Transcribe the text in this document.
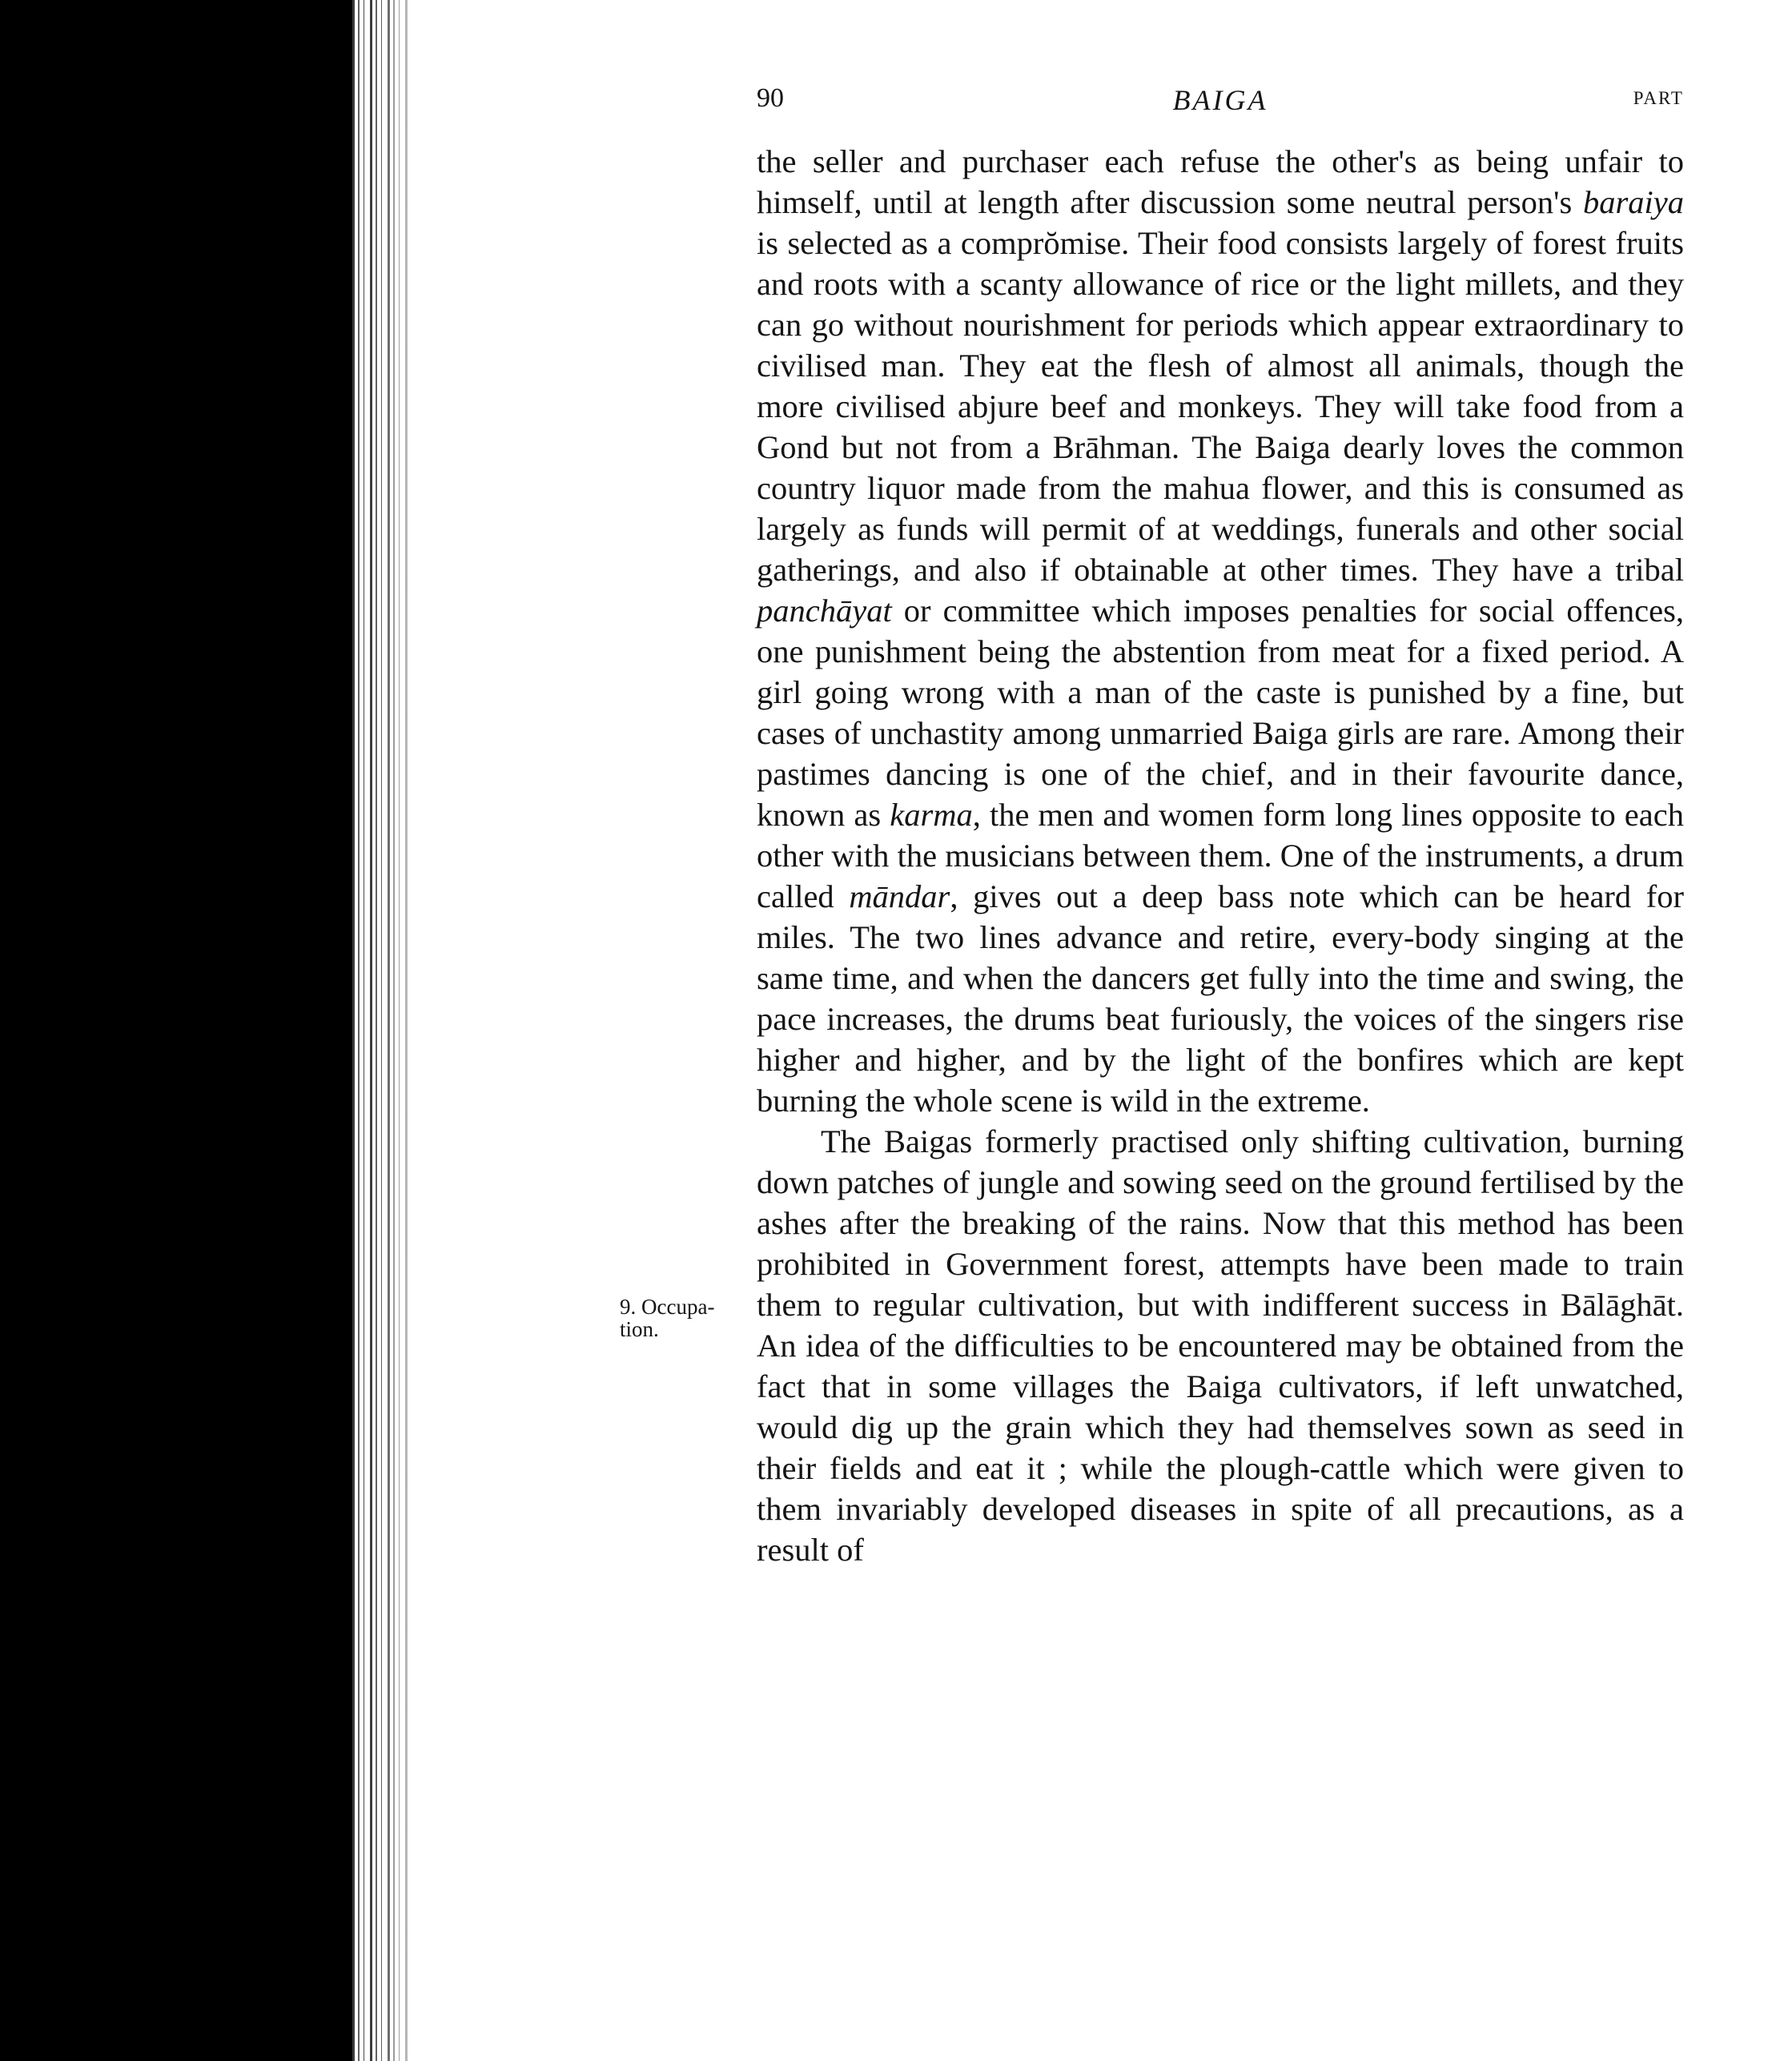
90	BAIGA	PART
9. Occupa-
tion.

the seller and purchaser each refuse the other's as being unfair to himself, until at length after discussion some neutral person's baraiya is selected as a comprŏmise. Their food consists largely of forest fruits and roots with a scanty allowance of rice or the light millets, and they can go without nourishment for periods which appear extraordinary to civilised man. They eat the flesh of almost all animals, though the more civilised abjure beef and monkeys. They will take food from a Gond but not from a Brāhman. The Baiga dearly loves the common country liquor made from the mahua flower, and this is consumed as largely as funds will permit of at weddings, funerals and other social gatherings, and also if obtainable at other times. They have a tribal panchāyat or committee which imposes penalties for social offences, one punishment being the abstention from meat for a fixed period. A girl going wrong with a man of the caste is punished by a fine, but cases of unchastity among unmarried Baiga girls are rare. Among their pastimes dancing is one of the chief, and in their favourite dance, known as karma, the men and women form long lines opposite to each other with the musicians between them. One of the instruments, a drum called māndar, gives out a deep bass note which can be heard for miles. The two lines advance and retire, every-body singing at the same time, and when the dancers get fully into the time and swing, the pace increases, the drums beat furiously, the voices of the singers rise higher and higher, and by the light of the bonfires which are kept burning the whole scene is wild in the extreme.

The Baigas formerly practised only shifting cultivation, burning down patches of jungle and sowing seed on the ground fertilised by the ashes after the breaking of the rains. Now that this method has been prohibited in Government forest, attempts have been made to train them to regular cultivation, but with indifferent success in Bālāghāt. An idea of the difficulties to be encountered may be obtained from the fact that in some villages the Baiga cultivators, if left unwatched, would dig up the grain which they had themselves sown as seed in their fields and eat it ; while the plough-cattle which were given to them invariably developed diseases in spite of all precautions, as a result of
